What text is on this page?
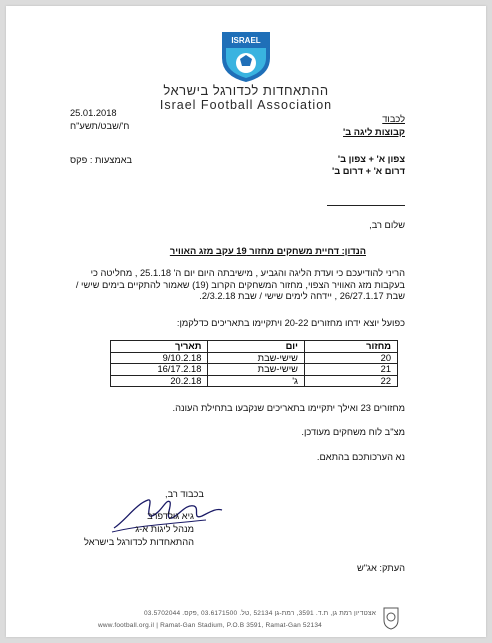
ISRAEL
ההתאחדות לכדורגל בישראל
Israel Football Association
25.01.2018
ח'/שבט/תשע"ח
באמצעות : פקס
לכבוד
קבוצות ליגה ב'
צפון א' + צפון ב'
דרום א' + דרום ב'
שלום רב,
הנדון: דחיית משחקים מחזור 19 עקב מזג האוויר
הריני להודיעכם כי ועדת הליגה והגביע , מישיבתה היום יום ה' 25.1.18 , מחליטה כי
בעקבות מזג האוויר הצפוי, מחזור המשחקים הקרוב (19) שאמור להתקיים בימים שישי /
שבת 26/27.1.17 , יידחה לימים שישי / שבת 2/3.2.18.
כפועל יוצא ידחו מחזורים 20-22 ויתקיימו בתאריכים כדלקמן:
מחזור	יום	תאריך
20	שישי-שבת	9/10.2.18
21	שישי-שבת	16/17.2.18
22	ג'	20.2.18
מחזורים 23 ואילך יתקיימו בתאריכים שנקבעו בתחילת העונה.
מצ"ב לוח משחקים מעודכן.
נא הערכותכם בהתאם.
בכבוד רב,
גיא גולדפרב
מנהל ליגות א-ג
ההתאחדות לכדורגל בישראל
העתק: אג"ש
אצטדיון רמת גן, ת.ד. 3591, רמת-גן 52134 ,טל. 03.6171500 ,פקס. 03.5702044
www.football.org.il | Ramat-Gan Stadium, P.O.B 3591, Ramat-Gan 52134
